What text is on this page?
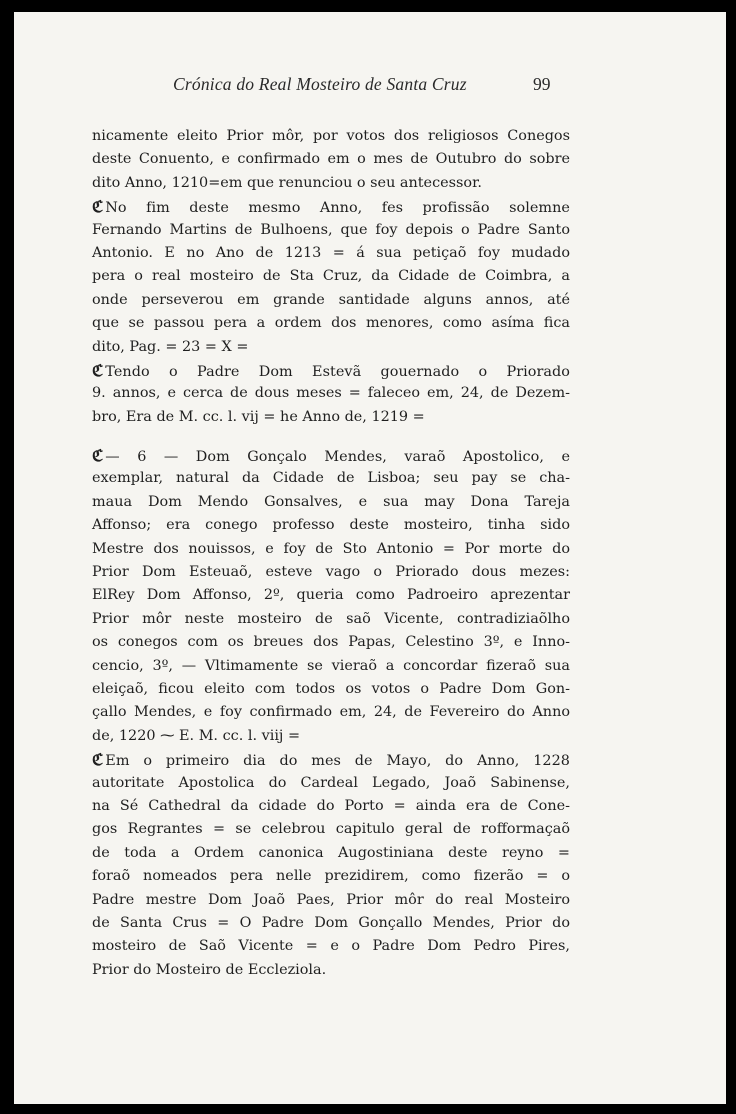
Crónica do Real Mosteiro de Santa Cruz	99
nicamente eleito Prior môr, por votos dos religiosos Conegos
deste Conuento, e confirmado em o mes de Outubro do sobre
dito Anno, 1210=em que renunciou o seu antecessor.
ℭ No fim deste mesmo Anno, fes profissão solemne
Fernando Martins de Bulhoens, que foy depois o Padre Santo
Antonio. E no Ano de 1213 = á sua petiçaõ foy mudado
pera o real mosteiro de Sta Cruz, da Cidade de Coimbra, a
onde perseverou em grande santidade alguns annos, até
que se passou pera a ordem dos menores, como asíma fica
dito, Pag. = 23 = X =
ℭ Tendo o Padre Dom Estevã gouernado o Priorado
9. annos, e cerca de dous meses = faleceo em, 24, de Dezem-
bro, Era de M. cc. l. vij = he Anno de, 1219 =
ℭ — 6 — Dom Gonçalo Mendes, varaõ Apostolico, e
exemplar, natural da Cidade de Lisboa; seu pay se cha-
maua Dom Mendo Gonsalves, e sua may Dona Tareja
Affonso; era conego professo deste mosteiro, tinha sido
Mestre dos nouissos, e foy de Sto Antonio = Por morte do
Prior Dom Esteuaõ, esteve vago o Priorado dous mezes:
ElRey Dom Affonso, 2º, queria como Padroeiro aprezentar
Prior môr neste mosteiro de saõ Vicente, contradiziaõlho
os conegos com os breues dos Papas, Celestino 3º, e Inno-
cencio, 3º, — Vltimamente se vieraõ a concordar fizeraõ sua
eleiçaõ, ficou eleito com todos os votos o Padre Dom Gon-
çallo Mendes, e foy confirmado em, 24, de Fevereiro do Anno
de, 1220 ⁓ E. M. cc. l. viij =
ℭ Em o primeiro dia do mes de Mayo, do Anno, 1228
autoritate Apostolica do Cardeal Legado, Joaõ Sabinense,
na Sé Cathedral da cidade do Porto = ainda era de Cone-
gos Regrantes = se celebrou capitulo geral de rofformaçaõ
de toda a Ordem canonica Augostiniana deste reyno =
foraõ nomeados pera nelle prezidirem, como fizerão = o
Padre mestre Dom Joaõ Paes, Prior môr do real Mosteiro
de Santa Crus = O Padre Dom Gonçallo Mendes, Prior do
mosteiro de Saõ Vicente = e o Padre Dom Pedro Pires,
Prior do Mosteiro de Eccleziola.
